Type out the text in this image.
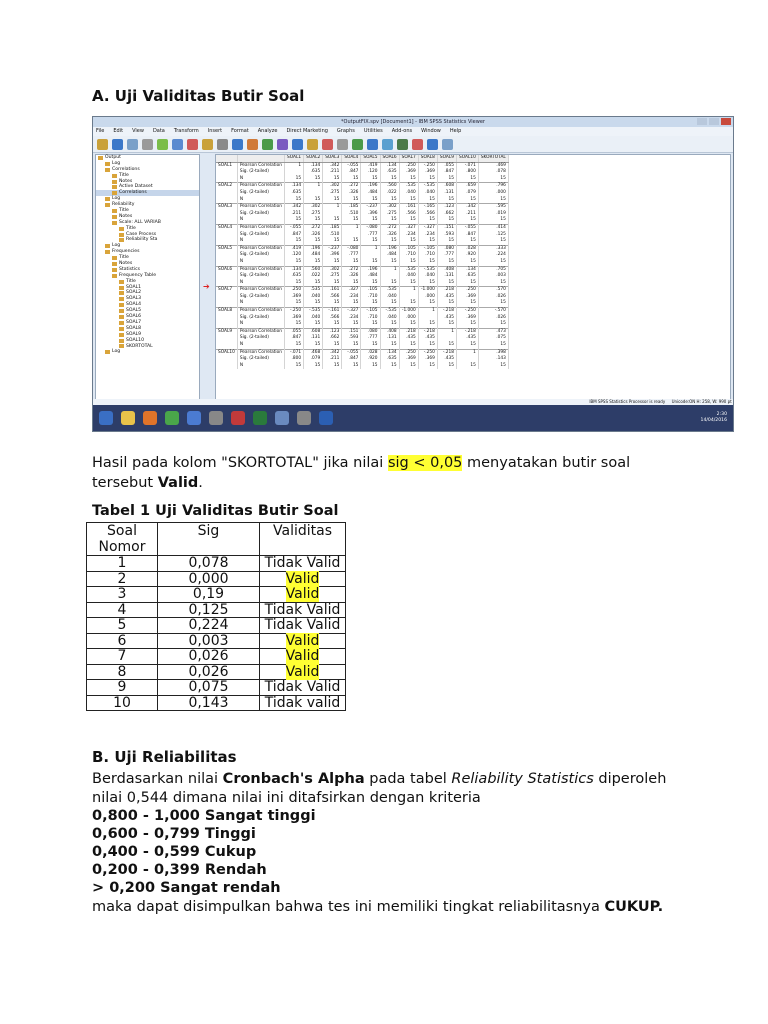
A. Uji Validitas Butir Soal
*OutputFIX.spv [Document1] - IBM SPSS Statistics Viewer
File Edit View Data Transform Insert Format Analyze Direct Marketing Graphs Utilities Add-ons Window Help
Output
Log
Correlations
Title
Notes
Active Dataset
Correlations
Log
Reliability
Title
Notes
Scale: ALL VARIAB
Title
Case Process
Reliability Sta
Log
Frequencies
Title
Notes
Statistics
Frequency Table
Title
SOAL1
SOAL2
SOAL3
SOAL4
SOAL5
SOAL6
SOAL7
SOAL8
SOAL9
SOAL10
SKORTOTAL
Log
➔
		SOAL1	SOAL2	SOAL3	SOAL4	SOAL5	SOAL6	SOAL7	SOAL8	SOAL9	SOAL10	SKORTOTAL
SOAL1	Pearson Correlation	1	.134	.342	-.055	.419	.134	.250	-.250	.055	-.071	.469
	Sig. (2-tailed)		.635	.211	.847	.120	.635	.369	.369	.847	.800	.078
	N	15	15	15	15	15	15	15	15	15	15	15
SOAL2	Pearson Correlation	.134	1	.302	.272	.196	.560	.535	-.535	.608	.659	.796
	Sig. (2-tailed)	.635		.275	.326	.484	.022	.040	.040	.131	.079	.000
	N	15	15	15	15	15	15	15	15	15	15	15
SOAL3	Pearson Correlation	.342	.302	1	.185	-.237	.302	.161	-.165	.123	.342	.595
	Sig. (2-tailed)	.211	.275		.510	.396	.275	.566	.566	.662	.211	.019
	N	15	15	15	15	15	15	15	15	15	15	15
SOAL4	Pearson Correlation	-.055	.272	.185	1	-.080	.272	.327	-.327	.151	-.055	.414
	Sig. (2-tailed)	.847	.326	.510		.777	.326	.234	.234	.593	.847	.125
	N	15	15	15	15	15	15	15	15	15	15	15
SOAL5	Pearson Correlation	.419	.196	-.237	-.080	1	.196	.105	-.105	.080	.028	.333
	Sig. (2-tailed)	.120	.484	.396	.777		.484	.710	.710	.777	.920	.224
	N	15	15	15	15	15	15	15	15	15	15	15
SOAL6	Pearson Correlation	.134	.560	.302	.272	.196	1	.535	-.535	.408	.134	.705
	Sig. (2-tailed)	.635	.022	.275	.326	.484		.040	.040	.131	.635	.003
	N	15	15	15	15	15	15	15	15	15	15	15
SOAL7	Pearson Correlation	.250	.535	.161	.327	.105	.535	1	-1.000	.218	.250	.570
	Sig. (2-tailed)	.369	.040	.566	.234	.710	.040		.000	.435	.369	.026
	N	15	15	15	15	15	15	15	15	15	15	15
SOAL8	Pearson Correlation	-.250	-.535	-.161	-.327	-.105	-.535	-1.000	1	-.218	-.250	-.570
	Sig. (2-tailed)	.369	.040	.566	.234	.710	.040	.000		.435	.369	.026
	N	15	15	15	15	15	15	15	15	15	15	15
SOAL9	Pearson Correlation	.055	.608	.123	.151	.080	.408	.218	-.218	1	-.218	.473
	Sig. (2-tailed)	.847	.131	.662	.593	.777	.131	.435	.435		.435	.075
	N	15	15	15	15	15	15	15	15	15	15	15
SOAL10	Pearson Correlation	-.071	.468	.342	-.055	.028	.134	.250	-.250	-.218	1	.398
	Sig. (2-tailed)	.800	.079	.211	.847	.920	.635	.369	.369	.435		.143
	N	15	15	15	15	15	15	15	15	15	15	15
IBM SPSS Statistics Processor is ready Unicode:ON H: 258, W: 990 pt
2:30
14/04/2016
Hasil pada kolom "SKORTOTAL" jika nilai sig < 0,05 menyatakan butir soal
tersebut Valid.
Tabel 1 Uji Validitas Butir Soal
Soal
Nomor	Sig	Validitas
1	0,078	Tidak Valid
2	0,000	Valid
3	0,19	Valid
4	0,125	Tidak Valid
5	0,224	Tidak Valid
6	0,003	Valid
7	0,026	Valid
8	0,026	Valid
9	0,075	Tidak Valid
10	0,143	Tidak valid
B. Uji Reliabilitas
Berdasarkan nilai Cronbach's Alpha pada tabel Reliability Statistics diperoleh
nilai 0,544 dimana nilai ini ditafsirkan dengan kriteria
0,800 - 1,000 Sangat tinggi
0,600 - 0,799 Tinggi
0,400 - 0,599 Cukup
0,200 - 0,399 Rendah
> 0,200 Sangat rendah
maka dapat disimpulkan bahwa tes ini memiliki tingkat reliabilitasnya CUKUP.
